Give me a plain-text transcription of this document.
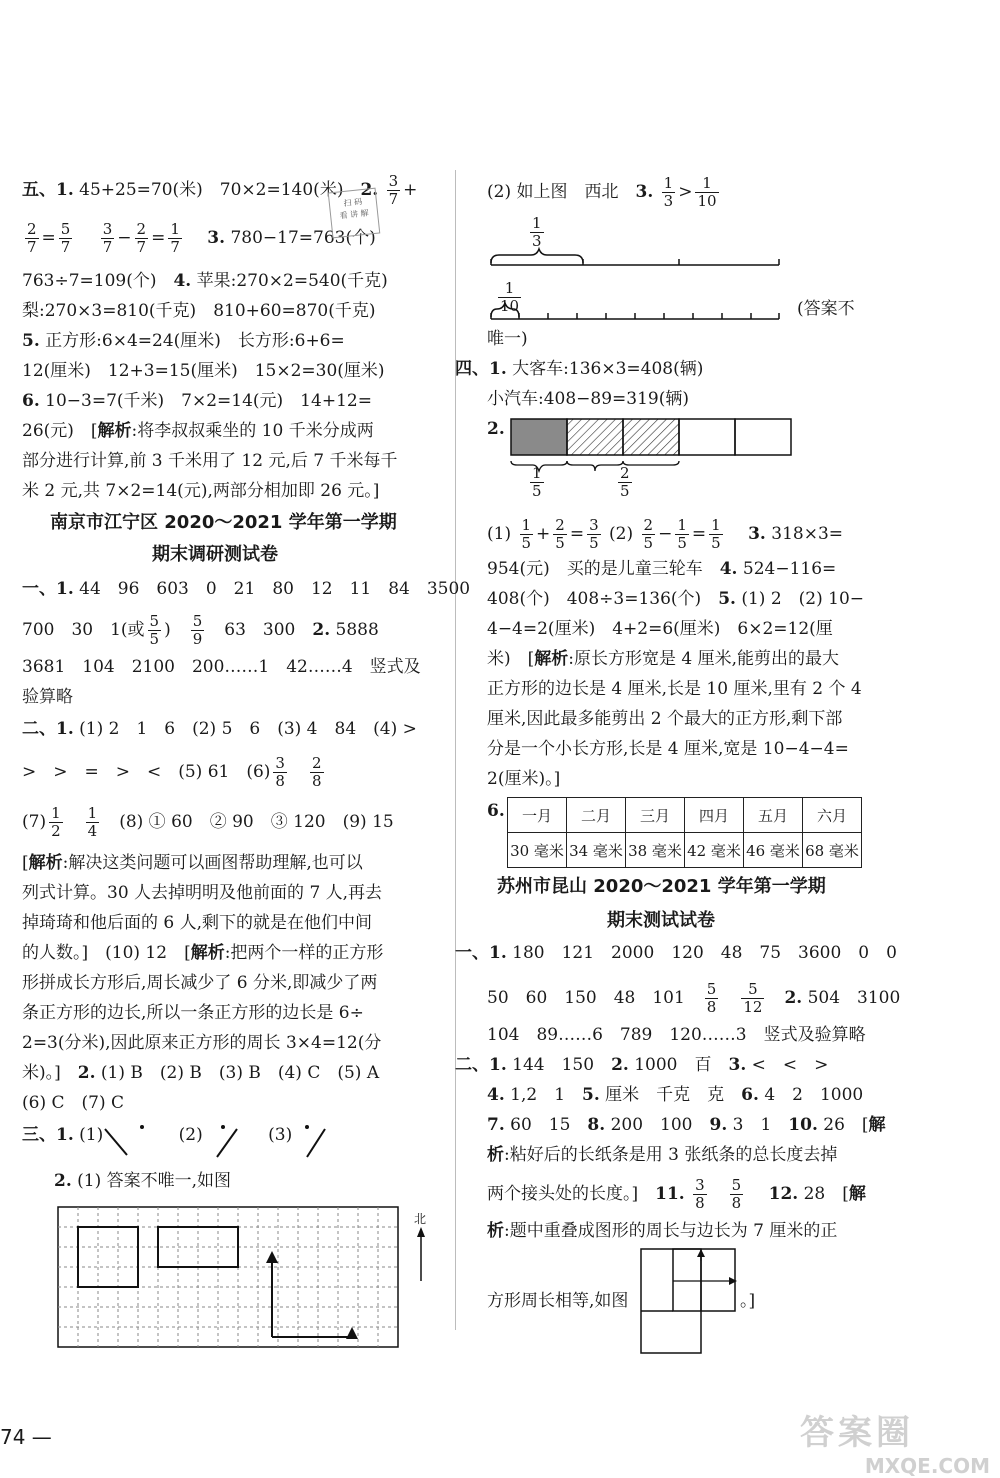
五、1. 45+25=70(米)　70×2=140(米)　2. $\frac{3}{7}$ +
$\frac{2}{7} = \frac{5}{7}$
　 $\frac{3}{7} - \frac{2}{7} = \frac{1}{7}$
　 3. 780−17=763(个)
763÷7=109(个)　4. 苹果:270×2=540(千克)
梨:270×3=810(千克)　810+60=870(千克)
5. 正方形:6×4=24(厘米)　长方形:6+6=
12(厘米)　12+3=15(厘米)　15×2=30(厘米)
6. 10−3=7(千米)　7×2=14(元)　14+12=
26(元)　[解析:将李叔叔乘坐的 10 千米分成两
部分进行计算,前 3 千米用了 12 元,后 7 千米每千
米 2 元,共 7×2=14(元),两部分相加即 26 元。]
南京市江宁区 2020～2021 学年第一学期
期末调研测试卷
一、1. 44　96　603　0　21　80　12　11　84　3500
700　30　1(或 $\frac{5}{5}$ )　 $\frac{5}{9}$ 　63　300　2. 5888
3681　104　2100　200……1　42……4　竖式及
验算略
二、1. (1) 2　1　6　(2) 5　6　(3) 4　84　(4) >
>　>　=　>　<　(5) 61　$(6) \frac{3}{8}$
　 $\frac{2}{8}$
$(7) \frac{1}{2}$
　 $\frac{1}{4}$
　 (8) ① 60　② 90　③ 120　(9) 15
[解析:解决这类问题可以画图帮助理解,也可以
列式计算。30 人去掉明明及他前面的 7 人,再去
掉琦琦和他后面的 6 人,剩下的就是在他们中间
的人数。]　(10) 12　[解析:把两个一样的正方形
形拼成长方形后,周长减少了 6 分米,即减少了两
条正方形的边长,所以一条正方形的边长是 6÷
2=3(分米),因此原来正方形的周长 3×4=12(分
米)。]　2. (1) B　(2) B　(3) B　(4) C　(5) A
(6) C　(7) C
三、1. (1)	(2)	(3)
2. (1) 答案不唯一,如图
北
扫 码
看 讲 解
(2) 如上图　西北　3. $\frac{1}{3} > \frac{1}{10}$
$\frac{1}{3}$
$\frac{1}{10}$	(答案不
唯一)
四、1. 大客车:136×3=408(辆)
小汽车:408−89=319(辆)
2.
$\frac{1}{5}$	$\frac{2}{5}$
$(1) \frac{1}{5} + \frac{2}{5} = \frac{3}{5} (2) \frac{2}{5} - \frac{1}{5} = \frac{1}{5}$
　 3. 318×3=
954(元)　买的是儿童三轮车　4. 524−116=
408(个)　408÷3=136(个)　5. (1) 2　(2) 10−
4−4=2(厘米)　4+2=6(厘米)　6×2=12(厘
米)　[解析:原长方形宽是 4 厘米,能剪出的最大
正方形的边长是 4 厘米,长是 10 厘米,里有 2 个 4
厘米,因此最多能剪出 2 个最大的正方形,剩下部
分是一个小长方形,长是 4 厘米,宽是 10−4−4=
2(厘米)。]
6. 一月	二月	三月	四月	五月	六月
30 毫米	34 毫米	38 毫米	42 毫米	46 毫米	68 毫米
苏州市昆山 2020～2021 学年第一学期
期末测试试卷
一、1. 180　121　2000　120　48　75　3600　0　0
50　60　150　48　101　 $\frac{5}{8}$
　 $\frac{5}{12}$
　 2. 504　3100
104　89……6　789　120……3　竖式及验算略
二、1. 144　150　2. 1000　百　3. <　<　>
4. 1,2　1　5. 厘米　千克　克　6. 4　2　1000
7. 60　15　8. 200　100　9. 3　1　10. 26　[解
析:粘好后的长纸条是用 3 张纸条的总长度去掉
两个接头处的长度。]　11. $\frac{3}{8}$
　 $\frac{5}{8}$
　 12. 28　[解
析:题中重叠成图形的周长与边长为 7 厘米的正
方形周长相等,如图	。]
74 —	答案圈
MXQE.COM
